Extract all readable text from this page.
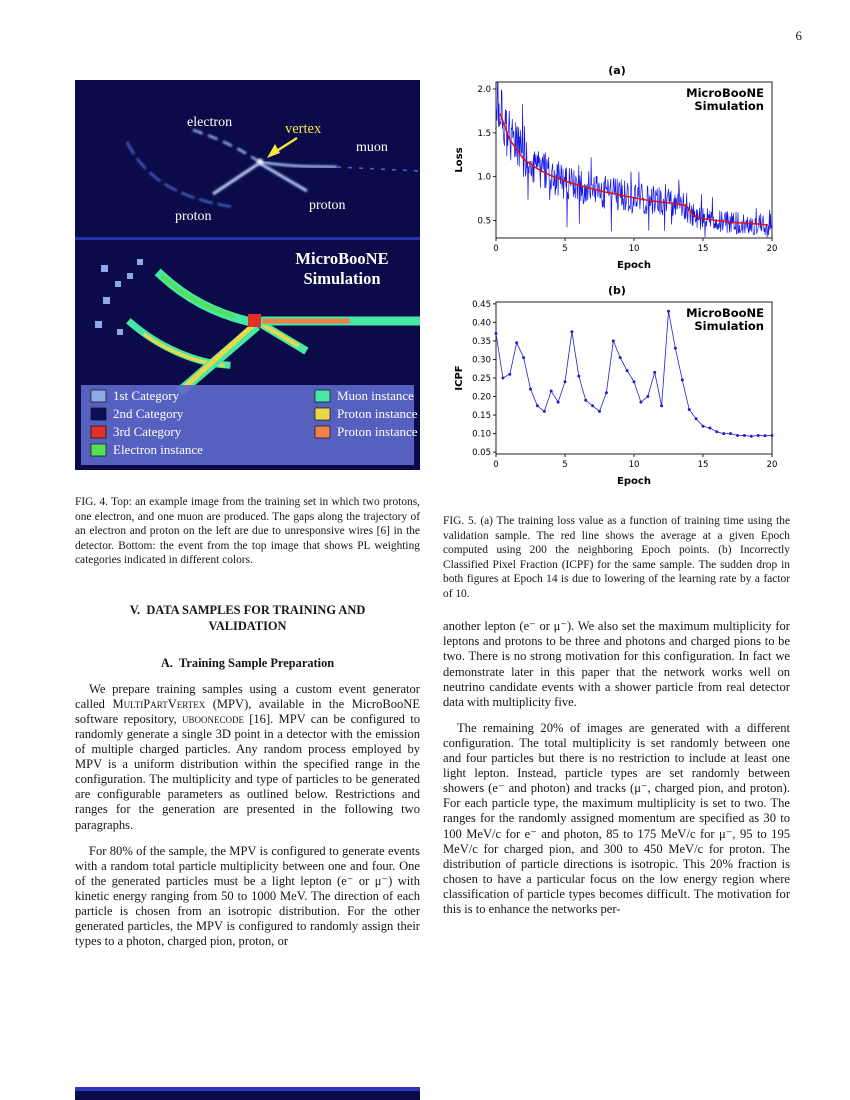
6
electron	vertex
muon
proton
proton
MicroBooNE
Simulation
1st Category
2nd Category
3rd Category
Electron instance
Muon instance
Proton instance
Proton instance

FIG. 4. Top: an example image from the training set in which two protons, one electron, and one muon are produced. The gaps along the trajectory of an electron and proton on the left are due to unresponsive wires [6] in the detector. Bottom: the event from the top image that shows PL weighting categories indicated in different colors.

V. DATA SAMPLES FOR TRAINING AND
VALIDATION
A. Training Sample Preparation

We prepare training samples using a custom event generator called MultiPartVertex (MPV), available in the MicroBooNE software repository, uboonecode [16]. MPV can be configured to randomly generate a single 3D point in a detector with the emission of multiple charged particles. Any random process employed by MPV is a uniform distribution within the specified range in the configuration. The multiplicity and type of particles to be generated are configurable parameters as outlined below. Restrictions and ranges for the generation are presented in the following two paragraphs.

For 80% of the sample, the MPV is configured to generate events with a random total particle multiplicity between one and four. One of the generated particles must be a light lepton (e⁻ or μ⁻) with kinetic energy ranging from 50 to 1000 MeV. The direction of each particle is chosen from an isotropic distribution. For the other generated particles, the MPV is configured to randomly assign their types to a photon, charged pion, proton, or

(a)
0	5	10	15	20
0.5
1.0
1.5
2.0
Epoch
Loss
MicroBooNE
Simulation
(b)
0	5	10	15	20
0.05
0.10
0.15
0.20
0.25
0.30
0.35
0.40
0.45
Epoch
ICPF
MicroBooNE
Simulation

FIG. 5. (a) The training loss value as a function of training time using the validation sample. The red line shows the average at a given Epoch computed using 200 the neighboring Epoch points. (b) Incorrectly Classified Pixel Fraction (ICPF) for the same sample. The sudden drop in both figures at Epoch 14 is due to lowering of the learning rate by a factor of 10.

another lepton (e⁻ or μ⁻). We also set the maximum multiplicity for leptons and protons to be three and photons and charged pions to be two. There is no strong motivation for this configuration. In fact we demonstrate later in this paper that the network works well on neutrino candidate events with a shower particle from real detector data with multiplicity five.

The remaining 20% of images are generated with a different configuration. The total multiplicity is set randomly between one and four particles but there is no restriction to include at least one light lepton. Instead, particle types are set randomly between showers (e⁻ and photon) and tracks (μ⁻, charged pion, and proton). For each particle type, the maximum multiplicity is set to two. The ranges for the randomly assigned momentum are specified as 30 to 100 MeV/c for e⁻ and photon, 85 to 175 MeV/c for μ⁻, 95 to 195 MeV/c for charged pion, and 300 to 450 MeV/c for proton. The distribution of particle directions is isotropic. This 20% fraction is chosen to have a particular focus on the low energy region where classification of particle types becomes difficult. The motivation for this is to enhance the networks per-
